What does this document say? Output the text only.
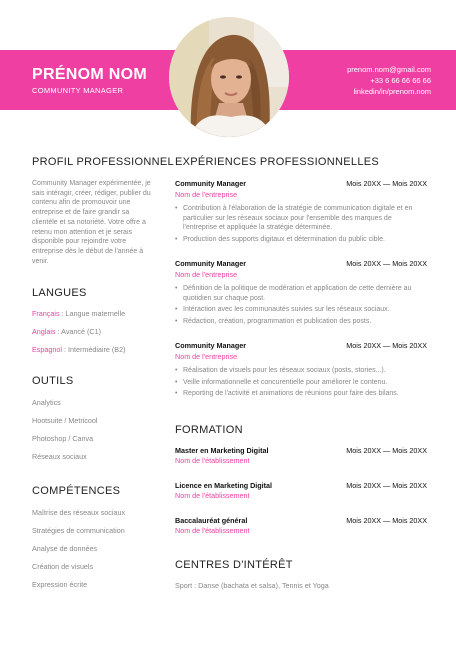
PRÉNOM NOM
COMMUNITY MANAGER
prenom.nom@gmail.com
+33 6 66 66 66 66
linkedin/in/prenom.nom
PROFIL PROFESSIONNEL
Community Manager expérimentée, je sais intéragir, créer, rédiger, publier du contenu afin de promouvoir une entreprise et de faire grandir sa clientèle et sa notoriété. Votre offre a retenu mon attention et je serais disponible pour rejoindre votre entreprise dès le début de l'année à venir.
LANGUES
Français : Langue maternelle
Anglais : Avancé (C1)
Espagnol : Intermédiaire (B2)
OUTILS
Analytics
Hootsuite / Metricool
Photoshop / Canva
Réseaux sociaux
COMPÉTENCES
Maîtrise des réseaux sociaux
Stratégies de communication
Analyse de données
Création de visuels
Expression écrite
EXPÉRIENCES PROFESSIONNELLES
Community Manager	Mois 20XX — Mois 20XX
Nom de l'entreprise
• Contribution à l'élaboration de la stratégie de communication digitale et en particulier sur les réseaux sociaux pour l'ensemble des marques de l'entreprise et appliquée la stratégie déterminée.
• Production des supports digitaux et détermination du public cible.
Community Manager	Mois 20XX — Mois 20XX
Nom de l'entreprise
• Définition de la politique de modération et application de cette dernière au quotidien sur chaque post.
• Intéraction avec les communautés suivies sur les réseaux sociaux.
• Rédaction, création, programmation et publication des posts.
Community Manager	Mois 20XX — Mois 20XX
Nom de l'entreprise
• Réalisation de visuels pour les réseaux sociaux (posts, stories...).
• Veille informationnelle et concurentielle pour améliorer le contenu.
• Reporting de l'activité et animations de réunions pour faire des bilans.
FORMATION
Master en Marketing Digital	Mois 20XX — Mois 20XX
Nom de l'établissement
Licence en Marketing Digital	Mois 20XX — Mois 20XX
Nom de l'établissement
Baccalauréat général	Mois 20XX — Mois 20XX
Nom de l'établissement
CENTRES D'INTÉRÊT
Sport : Danse (bachata et salsa), Tennis et Yoga
